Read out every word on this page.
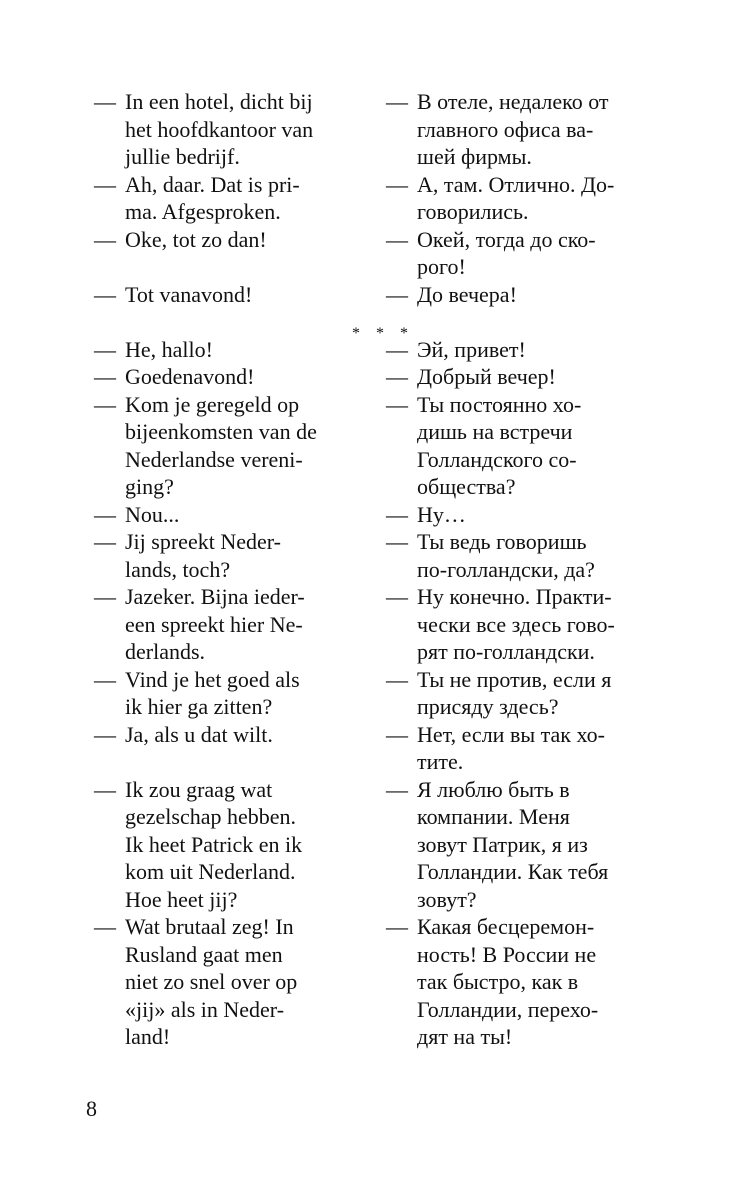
— In een hotel, dicht bij
het hoofdkantoor van
jullie bedrijf.
— Ah, daar. Dat is pri-
ma. Afgesproken.
— Oke, tot zo dan!
— Tot vanavond!
— He, hallo!
— Goedenavond!
— Kom je geregeld op
bijeenkomsten van de
Nederlandse vereni-
ging?
— Nou...
— Jij spreekt Neder-
lands, toch?
— Jazeker. Bijna ieder-
een spreekt hier Ne-
derlands.
— Vind je het goed als
ik hier ga zitten?
— Ja, als u dat wilt.
— Ik zou graag wat
gezelschap hebben.
Ik heet Patrick en ik
kom uit Nederland.
Hoe heet jij?
— Wat brutaal zeg! In
Rusland gaat men
niet zo snel over op
«jij» als in Neder-
land!
— В отеле, недалеко от
главного офиса ва-
шей фирмы.
— А, там. Отлично. До-
говорились.
— Окей, тогда до ско-
рого!
— До вечера!
— Эй, привет!
— Добрый вечер!
— Ты постоянно хо-
дишь на встречи
Голландского со-
общества?
— Ну…
— Ты ведь говоришь
по-голландски, да?
— Ну конечно. Практи-
чески все здесь гово-
рят по-голландски.
— Ты не против, если я
присяду здесь?
— Нет, если вы так хо-
тите.
— Я люблю быть в
компании. Меня
зовут Патрик, я из
Голландии. Как тебя
зовут?
— Какая бесцеремон-
ность! В России не
так быстро, как в
Голландии, перехо-
дят на ты!
* * *
8
